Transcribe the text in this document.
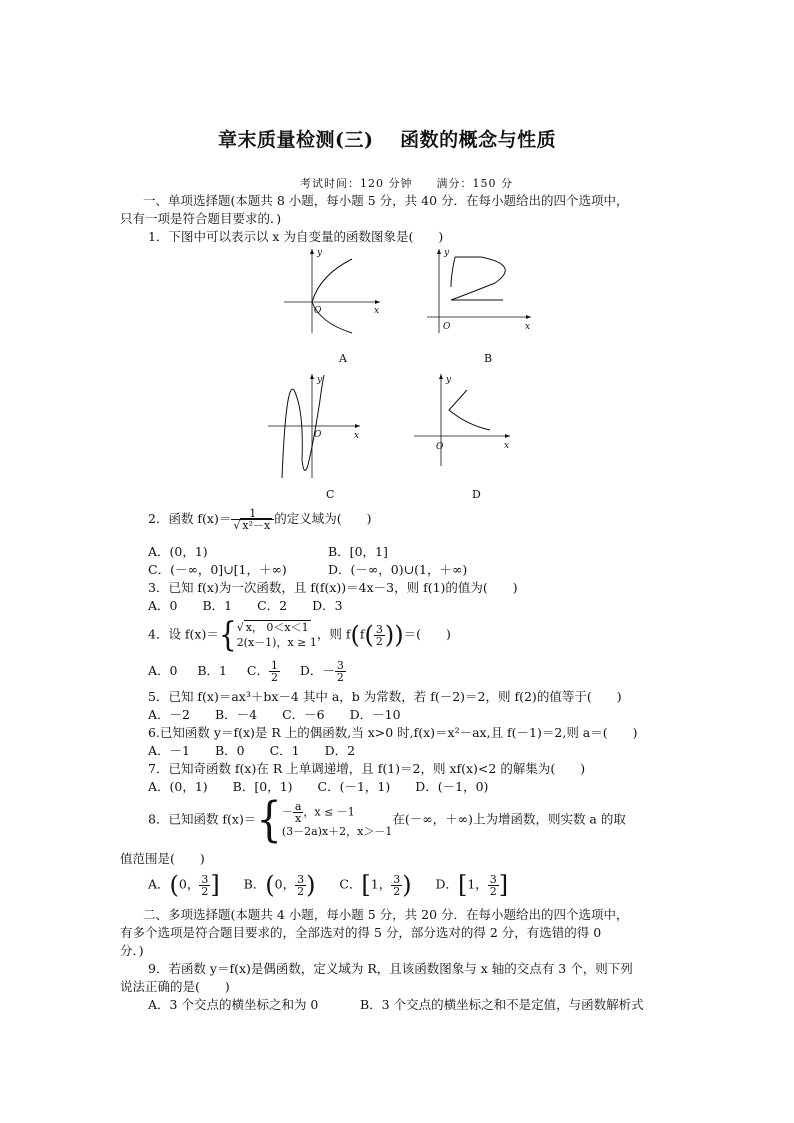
章末质量检测(三)　 函数的概念与性质
考试时间：120 分钟　　满分：150 分
一、单项选择题(本题共 8 小题，每小题 5 分，共 40 分．在每小题给出的四个选项中，
只有一项是符合题目要求的．)
1．下图中可以表示以 x 为自变量的函数图象是(　　)
y
x
O
A
y
x
O
B
y
x
O
C
y
x
O
D
2．函数 $f(x)= \frac{1}{\text{√ x²－x}}$ 的定义域为(　　)
A．(0，1)	B．[0，1]
C．(－∞，0]∪[1，＋∞)	D．(－∞，0)∪(1，＋∞)
3．已知 f(x)为一次函数，且 f(f(x))＝4x－3，则 f(1)的值为(　　)
A．0　　B．1　　C．2　　D．3
4．设 f(x)＝{ √ x， 0＜x＜1
2(x－1)，x ≥ 1
，则 $f(f( \frac{3}{2}$ ))＝(　　)
A．0 B．1 C． $\frac{1}{2}$ D．－ $\frac{3}{2}$
5．已知 f(x)＝ax³＋bx－4 其中 a，b 为常数，若 f(－2)＝2，则 f(2)的值等于(　　)
A．－2　　B．－4　　C．－6　　D．－10
6.已知函数 y＝f(x)是 R 上的偶函数,当 x>0 时,f(x)＝x²－ax,且 f(－1)＝2,则 a＝(　　)
A．－1　　B．0　　C．1　　D．2
7．已知奇函数 f(x)在 R 上单调递增，且 f(1)＝2，则 xf(x)<2 的解集为(　　)
A．(0，1)　　B．[0，1)　　C．(－1，1)　　D．(－1，0)
8．已知函数 $f(x)=\{ - \frac{a}{x}$ ，x ≤ －1
(3－2a)x＋2，x＞－1
在(－∞，＋∞)上为增函数，则实数 a 的取
值范围是(　　)
A．(0， $\frac{3}{2}$ ] B．(0， $\frac{3}{2}$ ) C．[1， $\frac{3}{2}$ ) D．[1， $\frac{3}{2}$ ]
二、多项选择题(本题共 4 小题，每小题 5 分，共 20 分．在每小题给出的四个选项中，
有多个选项是符合题目要求的，全部选对的得 5 分，部分选对的得 2 分，有选错的得 0
分．)
9．若函数 y＝f(x)是偶函数，定义域为 R，且该函数图象与 x 轴的交点有 3 个，则下列
说法正确的是(　　)
A．3 个交点的横坐标之和为 0	B．3 个交点的横坐标之和不是定值，与函数解析式
